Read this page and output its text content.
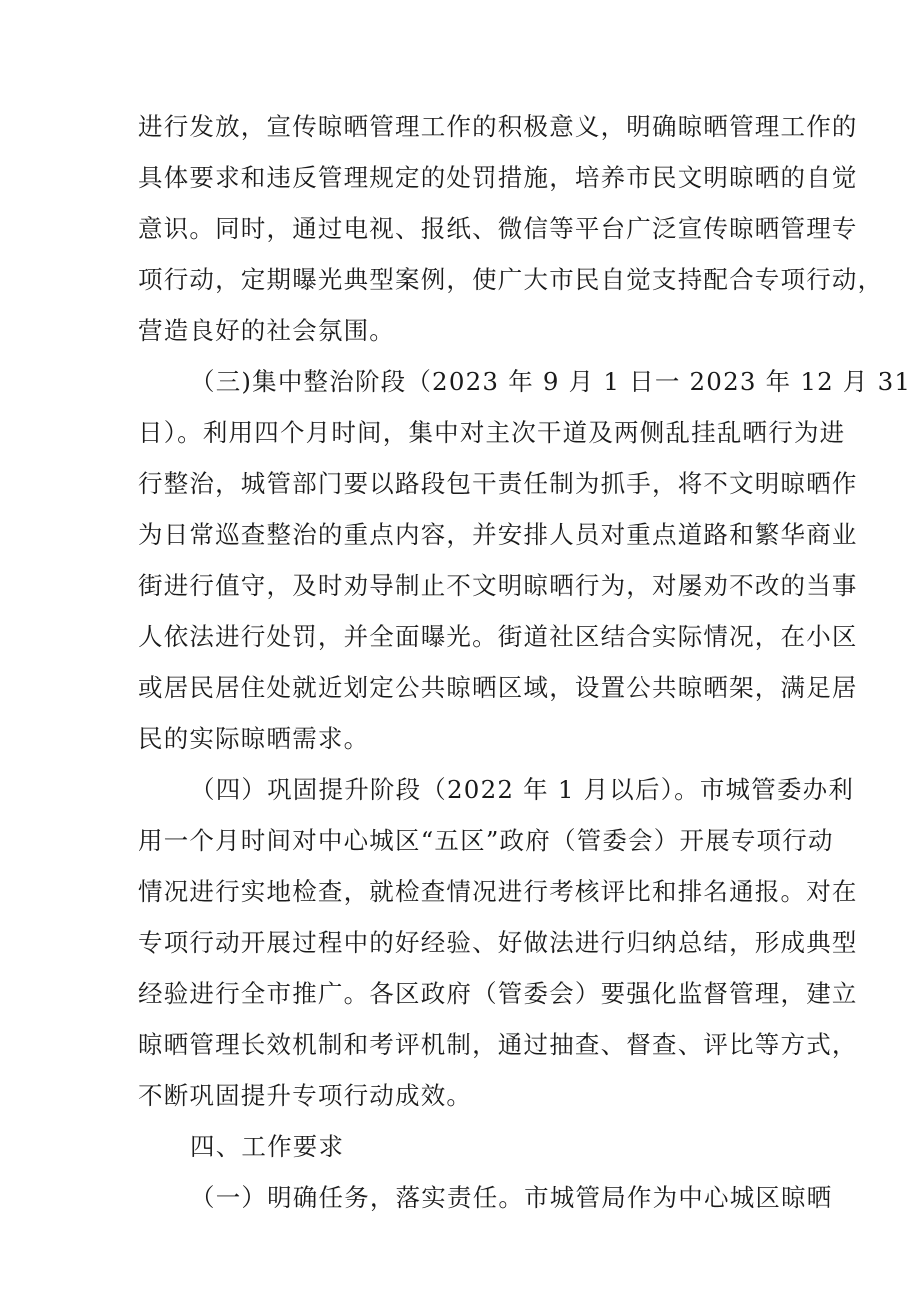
进行发放，宣传晾晒管理工作的积极意义，明确晾晒管理工作的
具体要求和违反管理规定的处罚措施，培养市民文明晾晒的自觉
意识。同时，通过电视、报纸、微信等平台广泛宣传晾晒管理专
项行动，定期曝光典型案例，使广大市民自觉支持配合专项行动，
营造良好的社会氛围。
（三)集中整治阶段（2023 年 9 月 1 日一 2023 年 12 月 31
日）。利用四个月时间，集中对主次干道及两侧乱挂乱晒行为进
行整治，城管部门要以路段包干责任制为抓手，将不文明晾晒作
为日常巡查整治的重点内容，并安排人员对重点道路和繁华商业
街进行值守，及时劝导制止不文明晾晒行为，对屡劝不改的当事
人依法进行处罚，并全面曝光。街道社区结合实际情况，在小区
或居民居住处就近划定公共晾晒区域，设置公共晾晒架，满足居
民的实际晾晒需求。
（四）巩固提升阶段（2022 年 1 月以后）。市城管委办利
用一个月时间对中心城区“五区”政府（管委会）开展专项行动
情况进行实地检查，就检查情况进行考核评比和排名通报。对在
专项行动开展过程中的好经验、好做法进行归纳总结，形成典型
经验进行全市推广。各区政府（管委会）要强化监督管理，建立
晾晒管理长效机制和考评机制，通过抽查、督查、评比等方式，
不断巩固提升专项行动成效。
四、工作要求
（一）明确任务，落实责任。市城管局作为中心城区晾晒
